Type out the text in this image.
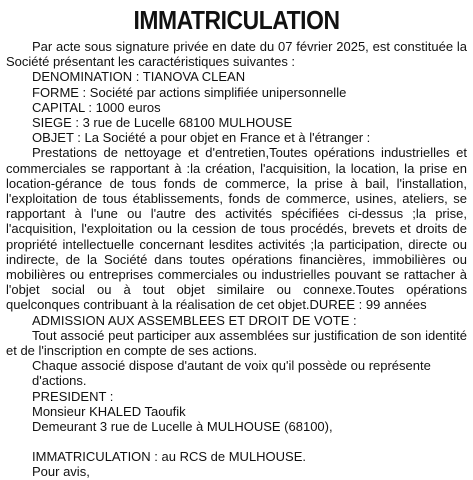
IMMATRICULATION

Par acte sous signature privée en date du 07 février 2025, est constituée la Société présentant les caractéristiques suivantes :

DENOMINATION : TIANOVA CLEAN

FORME : Société par actions simplifiée unipersonnelle

CAPITAL : 1000 euros

SIEGE : 3 rue de Lucelle 68100 MULHOUSE

OBJET : La Société a pour objet en France et à l'étranger :

Prestations de nettoyage et d'entretien,Toutes opérations industrielles et commerciales se rapportant à :la création, l'acquisition, la location, la prise en location-gérance de tous fonds de commerce, la prise à bail, l'installation, l'exploitation de tous établissements, fonds de commerce, usines, ateliers, se rapportant à l'une ou l'autre des activités spécifiées ci-dessus ;la prise, l'acquisition, l'exploitation ou la cession de tous procédés, brevets et droits de propriété intellectuelle concernant lesdites activités ;la participation, directe ou indirecte, de la Société dans toutes opérations financières, immobilières ou mobilières ou entreprises commerciales ou industrielles pouvant se rattacher à l'objet social ou à tout objet similaire ou connexe.Toutes opérations quelconques contribuant à la réalisation de cet objet.DUREE : 99 années

ADMISSION AUX ASSEMBLEES ET DROIT DE VOTE :

Tout associé peut participer aux assemblées sur justification de son identité et de l'inscription en compte de ses actions.

Chaque associé dispose d'autant de voix qu'il possède ou représente d'actions.

PRESIDENT :

Monsieur KHALED Taoufik

Demeurant 3 rue de Lucelle à MULHOUSE (68100),

IMMATRICULATION : au RCS de MULHOUSE.

Pour avis,
